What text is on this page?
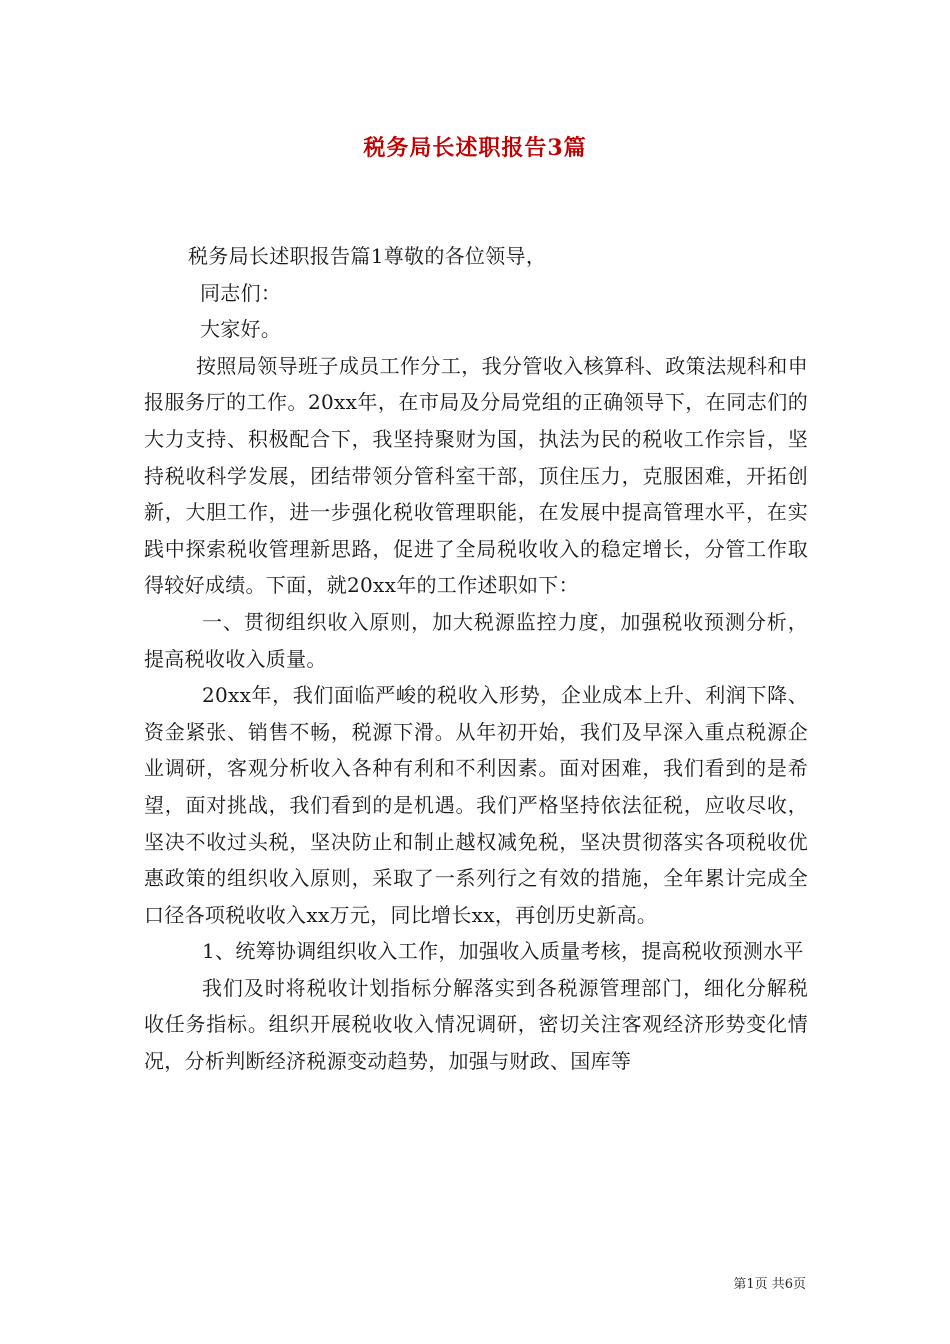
税务局长述职报告3篇

税务局长述职报告篇1尊敬的各位领导，

同志们：

大家好。

按照局领导班子成员工作分工，我分管收入核算科、政策法规科和申报服务厅的工作。20xx年，在市局及分局党组的正确领导下，在同志们的大力支持、积极配合下，我坚持聚财为国，执法为民的税收工作宗旨，坚持税收科学发展，团结带领分管科室干部，顶住压力，克服困难，开拓创新，大胆工作，进一步强化税收管理职能，在发展中提高管理水平，在实践中探索税收管理新思路，促进了全局税收收入的稳定增长，分管工作取得较好成绩。下面，就20xx年的工作述职如下：

一、贯彻组织收入原则，加大税源监控力度，加强税收预测分析，提高税收收入质量。

20xx年，我们面临严峻的税收入形势，企业成本上升、利润下降、资金紧张、销售不畅，税源下滑。从年初开始，我们及早深入重点税源企业调研，客观分析收入各种有利和不利因素。面对困难，我们看到的是希望，面对挑战，我们看到的是机遇。我们严格坚持依法征税，应收尽收，坚决不收过头税，坚决防止和制止越权减免税，坚决贯彻落实各项税收优惠政策的组织收入原则，采取了一系列行之有效的措施，全年累计完成全口径各项税收收入xx万元，同比增长xx，再创历史新高。

1、统筹协调组织收入工作，加强收入质量考核，提高税收预测水平

我们及时将税收计划指标分解落实到各税源管理部门，细化分解税收任务指标。组织开展税收收入情况调研，密切关注客观经济形势变化情况，分析判断经济税源变动趋势，加强与财政、国库等

第1页 共6页
